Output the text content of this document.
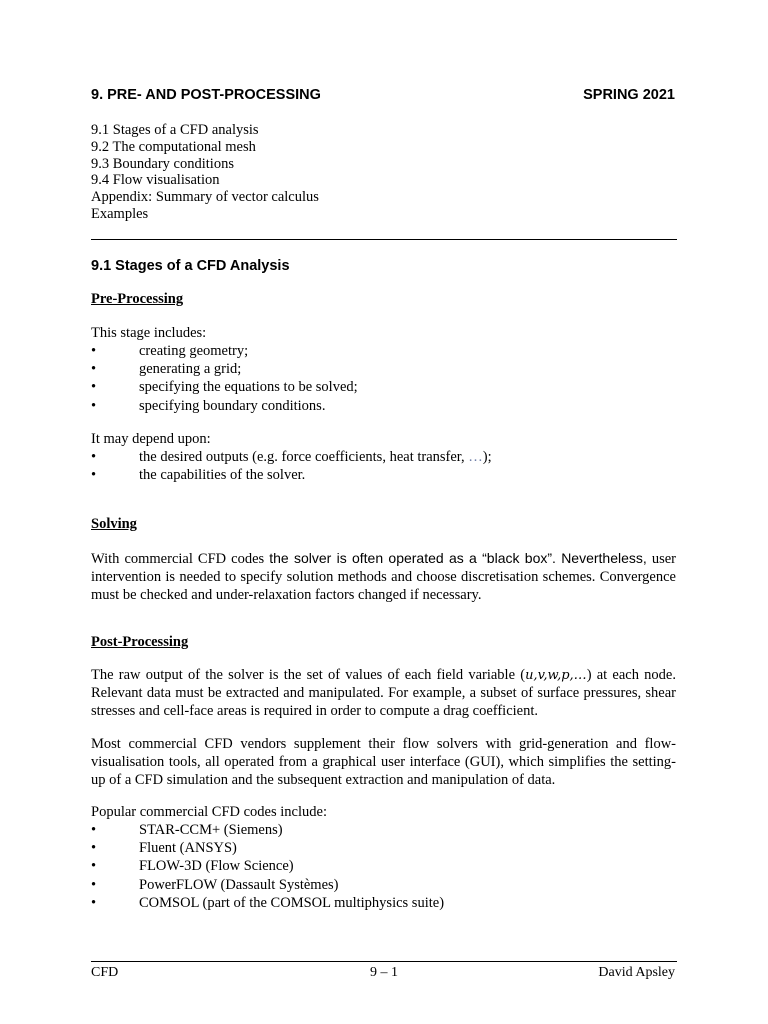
9. PRE- AND POST-PROCESSING	SPRING 2021
9.1 Stages of a CFD analysis
9.2 The computational mesh
9.3 Boundary conditions
9.4 Flow visualisation
Appendix: Summary of vector calculus
Examples
9.1 Stages of a CFD Analysis
Pre-Processing
This stage includes:
•	creating geometry;
•	generating a grid;
•	specifying the equations to be solved;
•	specifying boundary conditions.
It may depend upon:
•	the desired outputs (e.g. force coefficients, heat transfer, …);
•	the capabilities of the solver.
Solving
With commercial CFD codes the solver is often operated as a “black box”. Nevertheless, user intervention is needed to specify solution methods and choose discretisation schemes. Convergence must be checked and under-relaxation factors changed if necessary.
Post-Processing
The raw output of the solver is the set of values of each field variable (u,v,w,p,…) at each node. Relevant data must be extracted and manipulated. For example, a subset of surface pressures, shear stresses and cell-face areas is required in order to compute a drag coefficient.
Most commercial CFD vendors supplement their flow solvers with grid-generation and flow-visualisation tools, all operated from a graphical user interface (GUI), which simplifies the setting-up of a CFD simulation and the subsequent extraction and manipulation of data.
Popular commercial CFD codes include:
•	STAR-CCM+ (Siemens)
•	Fluent (ANSYS)
•	FLOW-3D (Flow Science)
•	PowerFLOW (Dassault Systèmes)
•	COMSOL (part of the COMSOL multiphysics suite)
CFD	9 – 1	David Apsley
